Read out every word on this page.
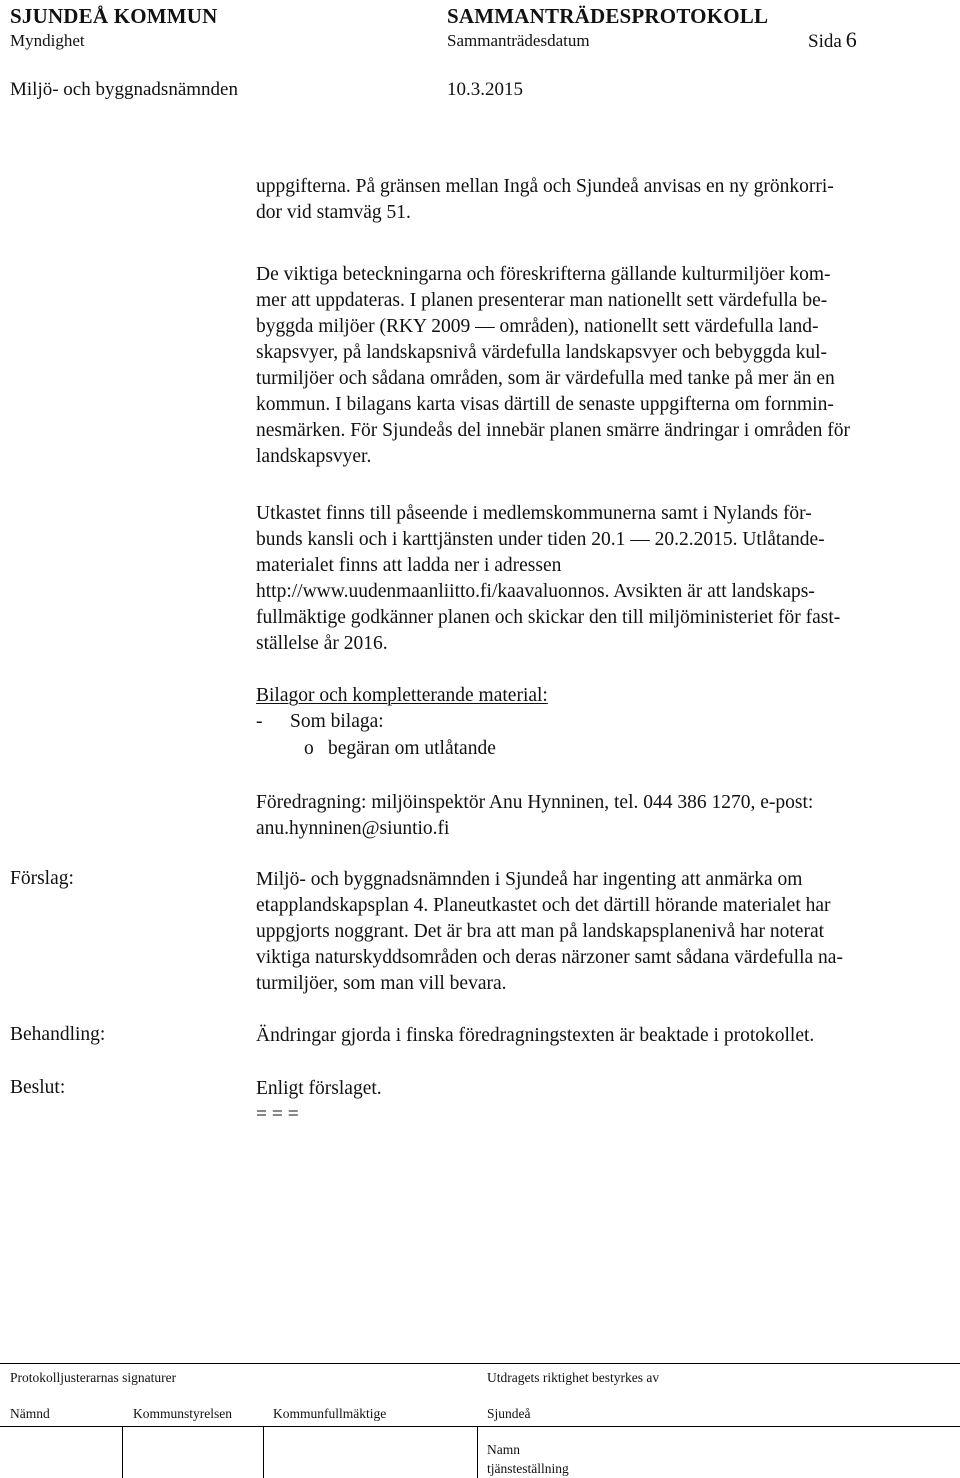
SJUNDEÅ KOMMUN	SAMMANTRÄDESPROTOKOLL
Myndighet	Sammanträdesdatum	Sida 6
Miljö- och byggnadsnämnden	10.3.2015
uppgifterna. På gränsen mellan Ingå och Sjundeå anvisas en ny grönkorri-
dor vid stamväg 51.
De viktiga beteckningarna och föreskrifterna gällande kulturmiljöer kom-
mer att uppdateras. I planen presenterar man nationellt sett värdefulla be-
byggda miljöer (RKY 2009 — områden), nationellt sett värdefulla land-
skapsvyer, på landskapsnivå värdefulla landskapsvyer och bebyggda kul-
turmiljöer och sådana områden, som är värdefulla med tanke på mer än en
kommun. I bilagans karta visas därtill de senaste uppgifterna om fornmin-
nesmärken. För Sjundeås del innebär planen smärre ändringar i områden för
landskapsvyer.
Utkastet finns till påseende i medlemskommunerna samt i Nylands för-
bunds kansli och i karttjänsten under tiden 20.1 — 20.2.2015. Utlåtande-
materialet finns att ladda ner i adressen
http://www.uudenmaanliitto.fi/kaavaluonnos. Avsikten är att landskaps-
fullmäktige godkänner planen och skickar den till miljöministeriet för fast-
ställelse år 2016.
Bilagor och kompletterande material:
- Som bilaga:
o begäran om utlåtande
Föredragning: miljöinspektör Anu Hynninen, tel. 044 386 1270, e-post:
anu.hynninen@siuntio.fi
Förslag:	Miljö- och byggnadsnämnden i Sjundeå har ingenting att anmärka om
etapplandskapsplan 4. Planeutkastet och det därtill hörande materialet har
uppgjorts noggrant. Det är bra att man på landskapsplanenivå har noterat
viktiga naturskyddsområden och deras närzoner samt sådana värdefulla na-
turmiljöer, som man vill bevara.
Behandling:	Ändringar gjorda i finska föredragningstexten är beaktade i protokollet.
Beslut:	Enligt förslaget.
= = =
Protokolljusterarnas signaturer	Utdragets riktighet bestyrkes av
Nämnd	Kommunstyrelsen	Kommunfullmäktige	Sjundeå
Namn
tjänsteställning
